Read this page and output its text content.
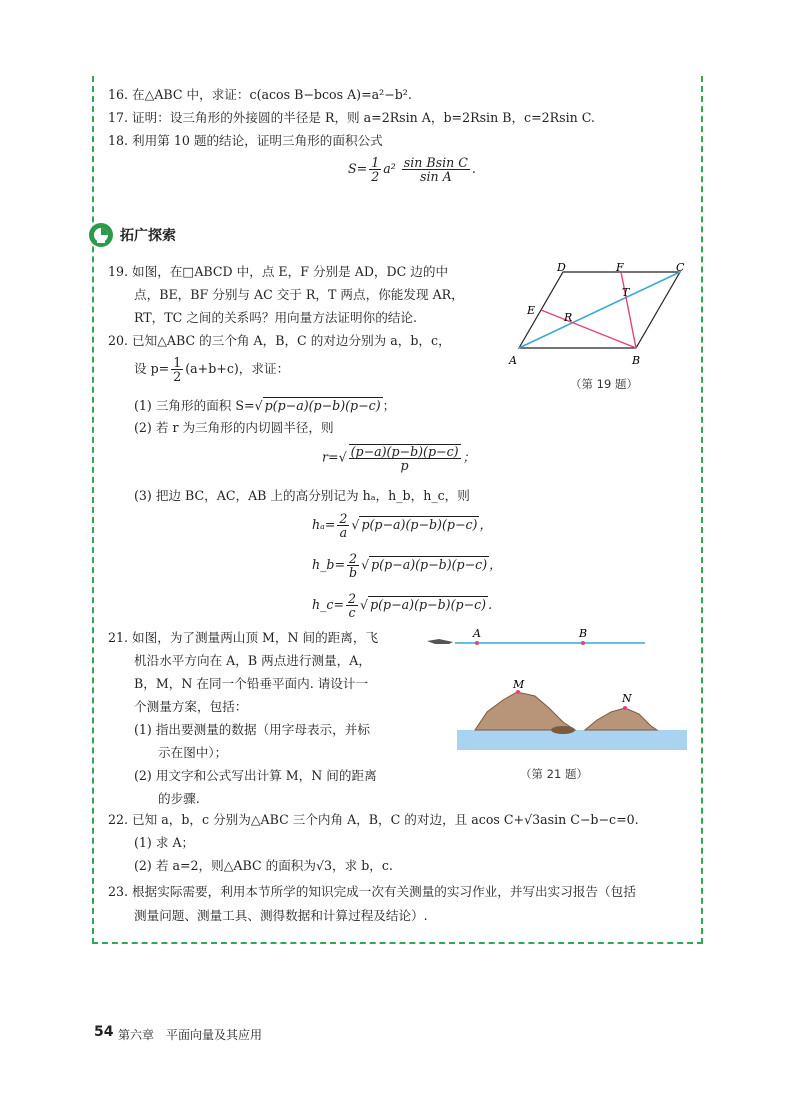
16. 在△ABC 中，求证：c(acos B−bcos A)=a²−b².
17. 证明：设三角形的外接圆的半径是 R，则 a=2Rsin A，b=2Rsin B，c=2Rsin C.
18. 利用第 10 题的结论，证明三角形的面积公式
$S= \frac{1}{2} a^2 \frac{\text{sin Bsin C}}{\text{sin A}}$ .
拓广探索
19. 如图，在□ABCD 中，点 E，F 分别是 AD，DC 边的中
点，BE，BF 分别与 AC 交于 R，T 两点，你能发现 AR，
RT，TC 之间的关系吗？用向量方法证明你的结论.
A	B
C
D
E
F
R
T
（第 19 题）
20. 已知△ABC 的三个角 A，B，C 的对边分别为 a，b，c，
设 $p= \frac{1}{2} (a+b+c)$，求证：
(1) 三角形的面积 S=√ p(p−a)(p−b)(p−c) ；
(2) 若 r 为三角形的内切圆半径，则
$r=√ \frac{(p-a)(p-b)(p-c)}{p}$ ；
(3) 把边 BC，AC，AB 上的高分别记为 hₐ，h_b，h_c，则
$h_a= \frac{2}{a}$ √ p(p−a)(p−b)(p−c) ，
h_b= $\frac{2}{b}$ √ p(p−a)(p−b)(p−c) ，
h_c= $\frac{2}{c}$ √ p(p−a)(p−b)(p−c) .
21. 如图，为了测量两山顶 M，N 间的距离，飞
机沿水平方向在 A，B 两点进行测量，A，
B，M，N 在同一个铅垂平面内. 请设计一
个测量方案，包括：
(1) 指出要测量的数据（用字母表示，并标
示在图中）；
(2) 用文字和公式写出计算 M，N 间的距离
的步骤.
A	B
M
N
（第 21 题）
22. 已知 a，b，c 分别为△ABC 三个内角 A，B，C 的对边，且 acos C+√3asin C−b−c=0.
(1) 求 A；
(2) 若 a=2，则△ABC 的面积为√3，求 b，c.
23. 根据实际需要，利用本节所学的知识完成一次有关测量的实习作业，并写出实习报告（包括
测量问题、测量工具、测得数据和计算过程及结论）.
54 第六章　平面向量及其应用
